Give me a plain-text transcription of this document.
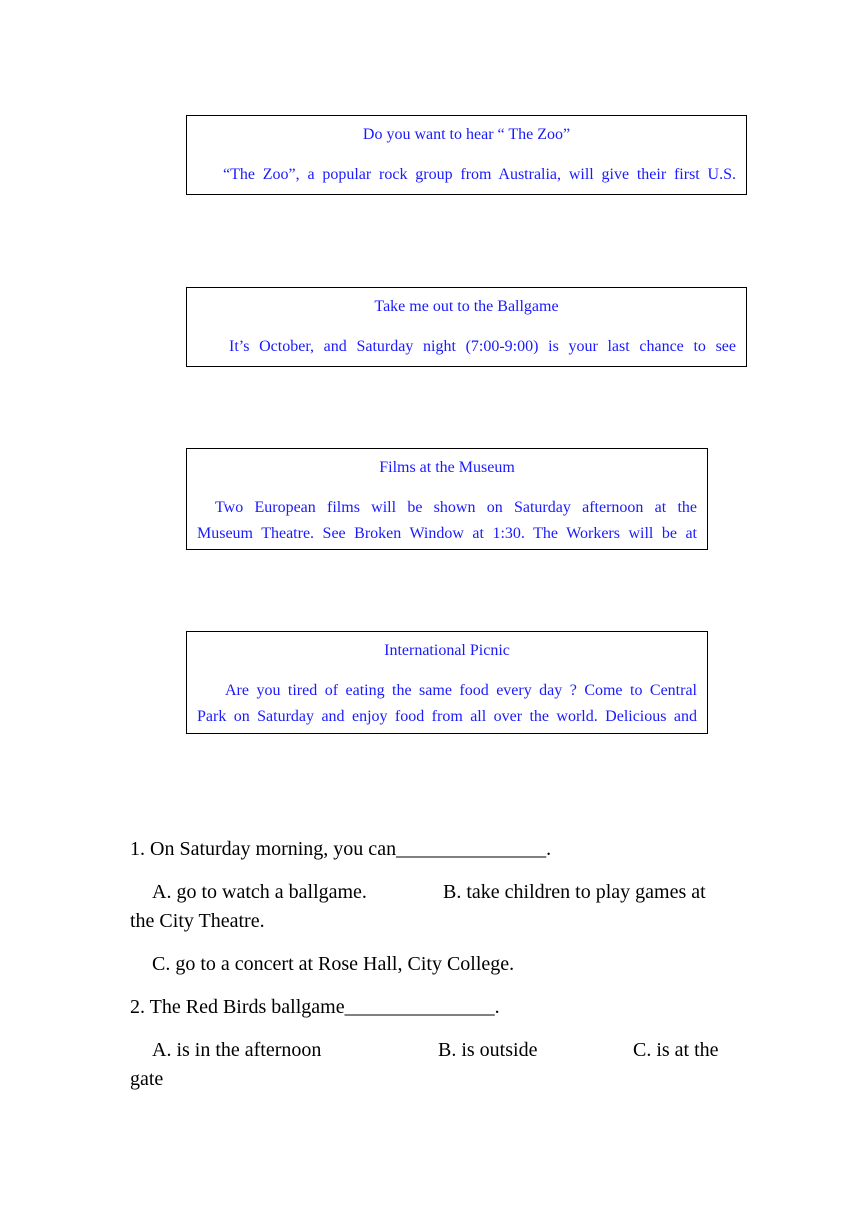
Do you want to hear “ The Zoo”
“The Zoo”, a popular rock group from Australia, will give their first U.S.
Take me out to the Ballgame
It’s October, and Saturday night (7:00-9:00) is your last chance to see
Films at the Museum
Two European films will be shown on Saturday afternoon at the
Museum Theatre. See Broken Window at 1:30. The Workers will be at
International Picnic
Are you tired of eating the same food every day ? Come to Central
Park on Saturday and enjoy food from all over the world. Delicious and
1. On Saturday morning, you can_______________.
A. go to watch a ballgame.	B. take children to play games at
the City Theatre.
C. go to a concert at Rose Hall, City College.
2. The Red Birds ballgame_______________.
A. is in the afternoon	B. is outside	C. is at the
gate
